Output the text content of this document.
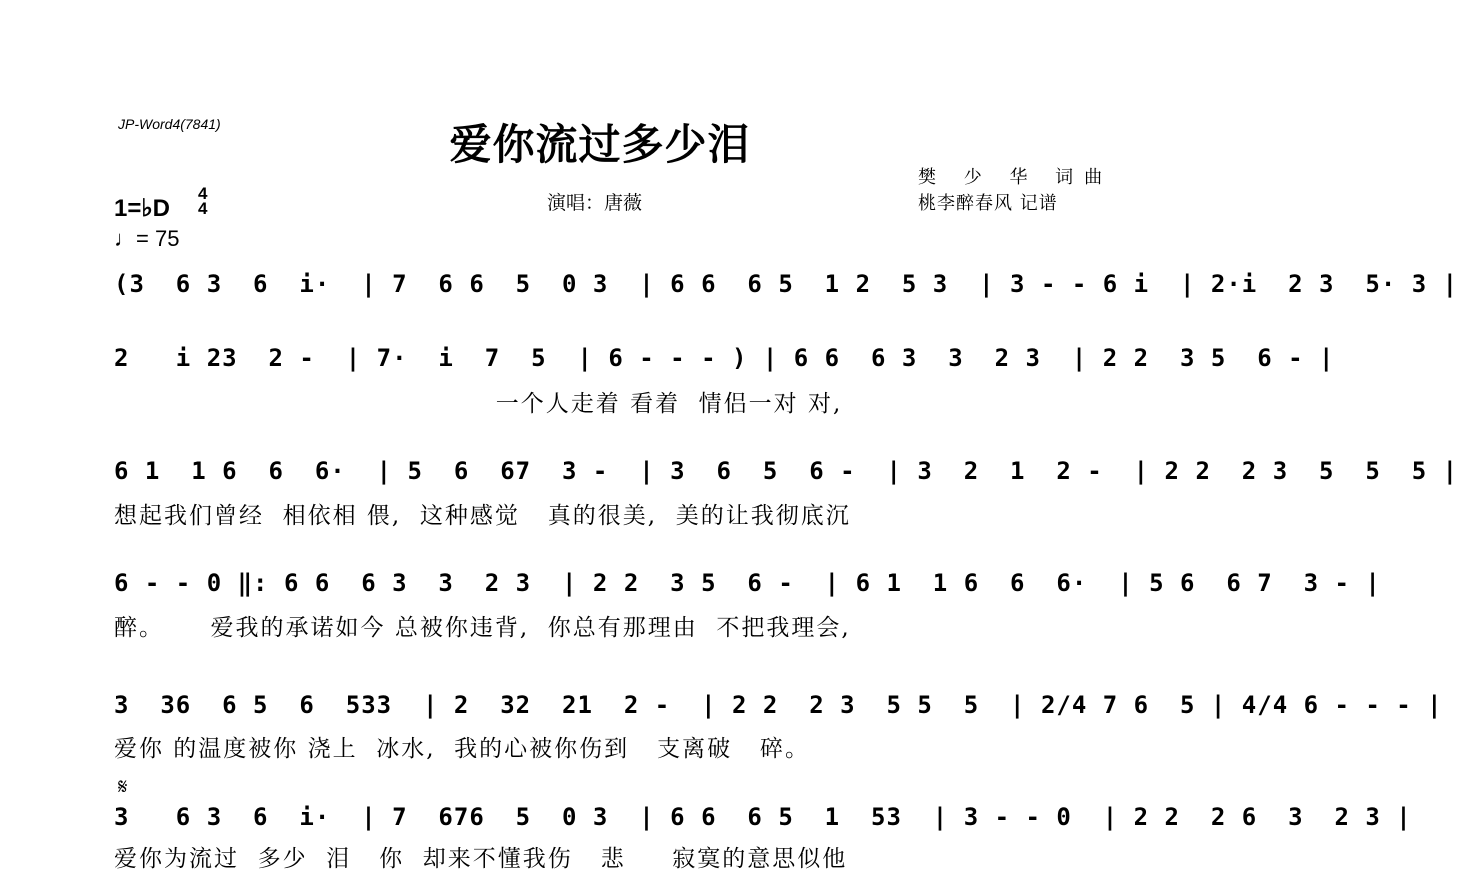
JP-Word4(7841)	爱你流过多少泪
演唱：唐薇
樊 少 华 词曲
桃李醉春风 记谱
1=♭D
4
4
♩= 75
(3  6 3  6  i·  | 7  6 6  5  0 3  | 6 6  6 5  1 2  5 3  | 3 - - 6 i  | 2·i  2 3  5· 3 |
2   i 23  2 -  | 7·  i  7  5  | 6 - - - ) | 6 6  6 3  3  2 3  | 2 2  3 5  6 - |
一个人走着 看着  情侣一对 对,
6 1  1 6  6  6·  | 5  6  67  3 -  | 3  6  5  6 -  | 3  2  1  2 -  | 2 2  2 3  5  5  5 |
想起我们曾经  相依相 偎,  这种感觉   真的很美,  美的让我彻底沉
6 - - 0 ‖: 6 6  6 3  3  2 3  | 2 2  3 5  6 -  | 6 1  1 6  6  6·  | 5 6  6 7  3 - |
醉。     爱我的承诺如今 总被你违背,  你总有那理由  不把我理会,
3  36  6 5  6  533  | 2  32  21  2 -  | 2 2  2 3  5 5  5  | 2/4 7 6  5 | 4/4 6 - - - |
爱你 的温度被你 浇上  冰水,  我的心被你伤到   支离破   碎。
𝄋
3   6 3  6  i·  | 7  676  5  0 3  | 6 6  6 5  1  53  | 3 - - 0  | 2 2  2 6  3  2 3 |
爱你为流过  多少  泪   你  却来不懂我伤   悲     寂寞的意思似他
